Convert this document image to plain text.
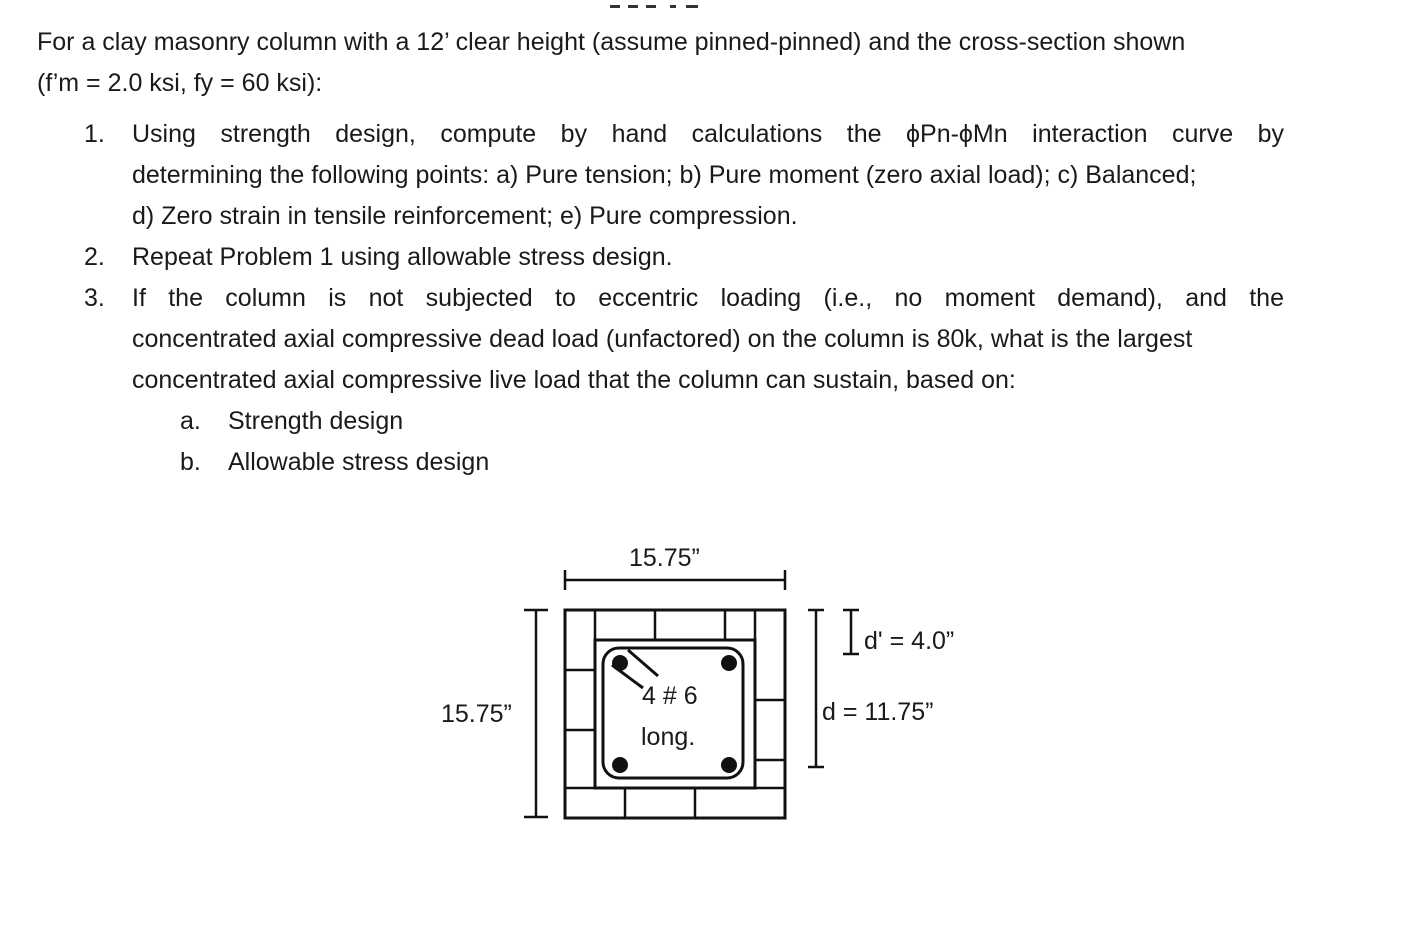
For a clay masonry column with a 12’ clear height (assume pinned-pinned) and the cross-section shown
(f’m = 2.0 ksi, fy = 60 ksi):
1. Using strength design, compute by hand calculations the ϕPn-ϕMn interaction curve by
determining the following points: a) Pure tension; b) Pure moment (zero axial load); c) Balanced;
d) Zero strain in tensile reinforcement; e) Pure compression.
2. Repeat Problem 1 using allowable stress design.
3. If the column is not subjected to eccentric loading (i.e., no moment demand), and the
concentrated axial compressive dead load (unfactored) on the column is 80k, what is the largest
concentrated axial compressive live load that the column can sustain, based on:
a. Strength design
b. Allowable stress design
15.75”
15.75”
d' = 4.0”
d = 11.75”
4 # 6
long.
